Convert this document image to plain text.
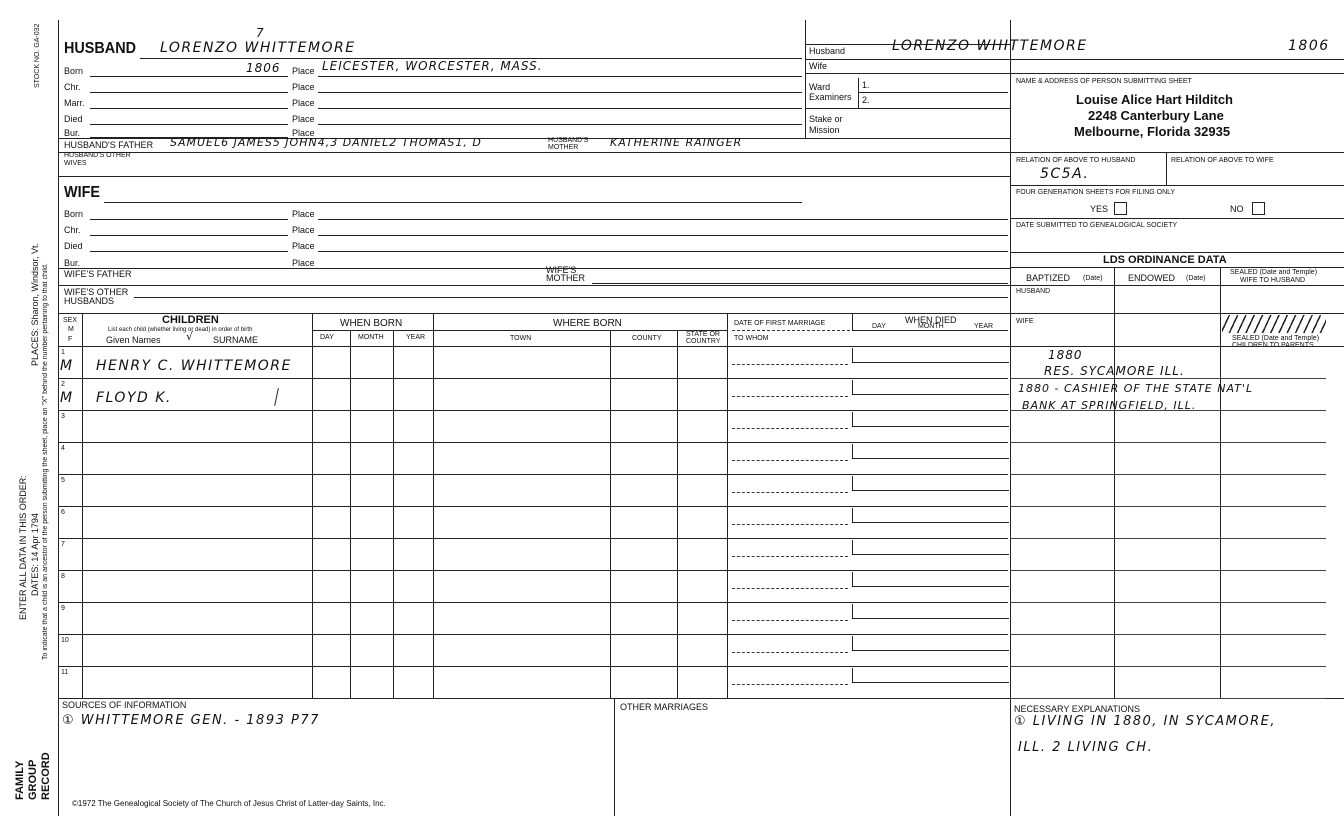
STOCK NO. GA-032
PLACES: Sharon, Windsor, Vt.
ENTER ALL DATA IN THIS ORDER: DATES: 14 Apr 1794 To indicate that a child is an ancestor of the person submitting the sheet, place an "X" behind the number pertaining to that child.
FAMILY GROUP RECORD
HUSBAND LORENZO WHITTEMORE
7
Born	1806 Place LEICESTER, WORCESTER, MASS.
Chr.	Place
Marr.	Place
Died	Place
Bur.	Place
HUSBAND'S FATHER SAMUEL6 JAMES5 JOHN4,3 DANIEL2 THOMAS1, D	HUSBAND'S MOTHER	KATHERINE RAINGER
HUSBAND'S OTHER WIVES
WIFE
Born	Place
Chr.	Place
Died	Place
Bur.	Place
WIFE'S FATHER	WIFE'S MOTHER
WIFE'S OTHER HUSBANDS
Husband	LORENZO WHITTEMORE	1806
Wife
Ward
Examiners
1.
2.
Stake or
Mission
NAME & ADDRESS OF PERSON SUBMITTING SHEET
Louise Alice Hart Hilditch
2248 Canterbury Lane
Melbourne, Florida 32935
RELATION OF ABOVE TO HUSBAND	RELATION OF ABOVE TO WIFE
5C5A.
FOUR GENERATION SHEETS FOR FILING ONLY
YES	NO
DATE SUBMITTED TO GENEALOGICAL SOCIETY
LDS ORDINANCE DATA
BAPTIZED (Date)	ENDOWED (Date)
SEALED (Date and Temple)
WIFE TO HUSBAND
HUSBAND
WIFE
SEALED (Date and Temple)
CHILDREN TO PARENTS
1880
RES. SYCAMORE ILL.
1880 - CASHIER OF THE STATE NAT'L
BANK AT SPRINGFIELD, ILL.
SEX
M
F
CHILDREN
List each child (whether living or dead) in order of birth
Given Names √ SURNAME
WHEN BORN
DAY	MONTH	YEAR
WHERE BORN
TOWN	COUNTY
STATE OR
COUNTRY
DATE OF FIRST MARRIAGE
TO WHOM
WHEN DIED
DAY	MONTH	YEAR
1
M HENRY C. WHITTEMORE
2
M FLOYD K.
3
4
5
6
7
8
9
10
11
SOURCES OF INFORMATION
① WHITTEMORE GEN. - 1893 P77
OTHER MARRIAGES	NECESSARY EXPLANATIONS
① LIVING IN 1880, IN SYCAMORE,
ILL. 2 LIVING CH.
©1972 The Genealogical Society of The Church of Jesus Christ of Latter-day Saints, Inc.
